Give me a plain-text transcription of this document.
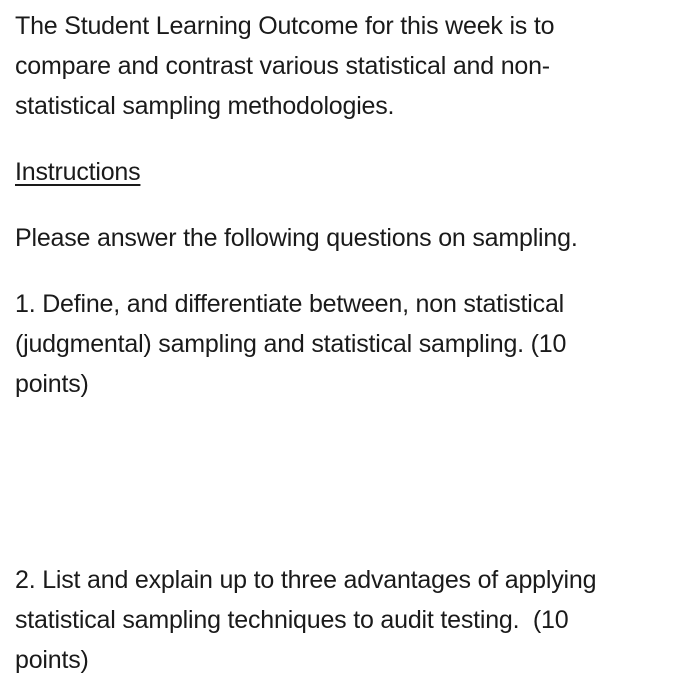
The Student Learning Outcome for this week is to compare and contrast various statistical and non-statistical sampling methodologies.

Instructions

Please answer the following questions on sampling.

1. Define, and differentiate between, non statistical (judgmental) sampling and statistical sampling. (10 points)

2. List and explain up to three advantages of applying statistical sampling techniques to audit testing.  (10 points)
